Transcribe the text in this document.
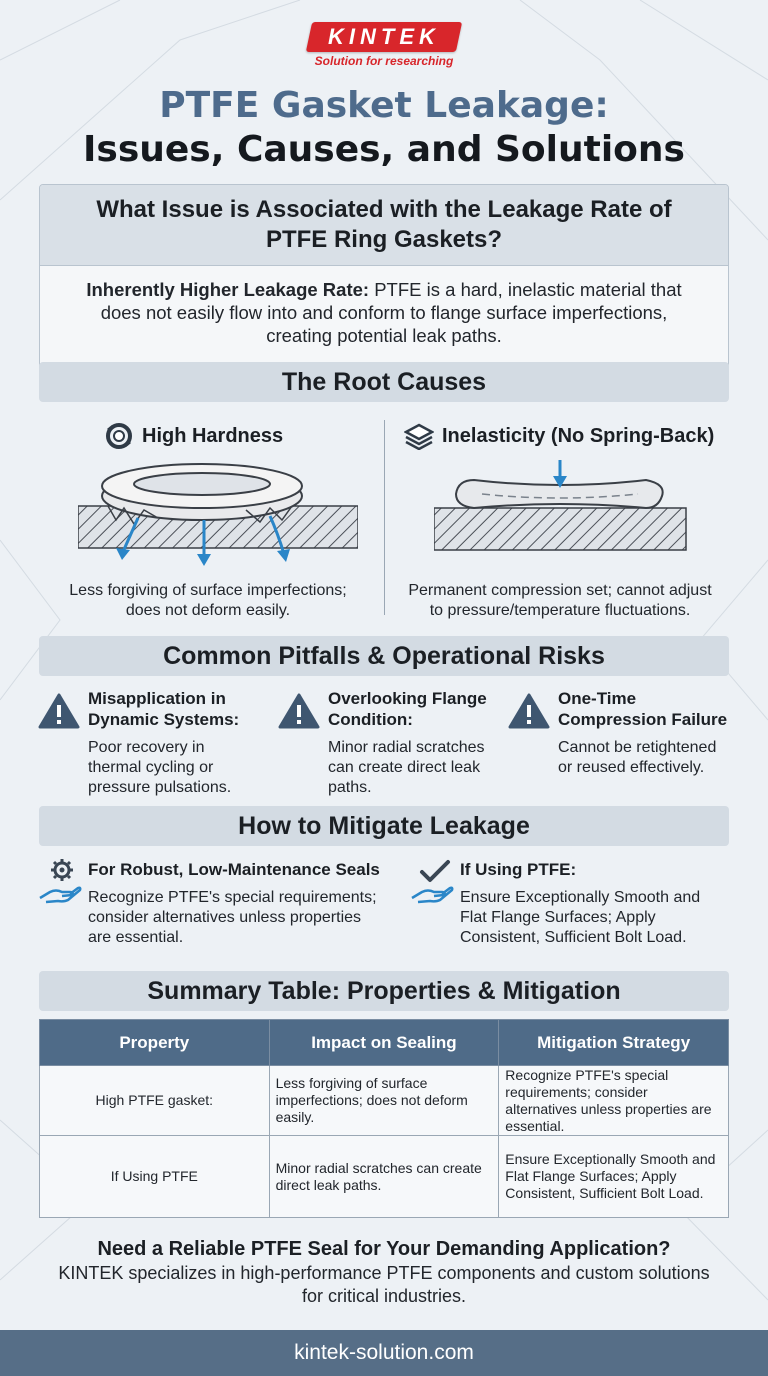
KINTEK
Solution for researching
PTFE Gasket Leakage:
Issues, Causes, and Solutions
What Issue is Associated with the Leakage Rate of PTFE Ring Gaskets?
Inherently Higher Leakage Rate: PTFE is a hard, inelastic material that does not easily flow into and conform to flange surface imperfections, creating potential leak paths.
The Root Causes
High Hardness	Inelasticity (No Spring-Back)
Less forgiving of surface imperfections; does not deform easily.
Permanent compression set; cannot adjust to pressure/temperature fluctuations.
Common Pitfalls & Operational Risks
Misapplication in Dynamic Systems:
Poor recovery in thermal cycling or pressure pulsations.
Overlooking Flange Condition:
Minor radial scratches can create direct leak paths.
One-Time Compression Failure
Cannot be retightened or reused effectively.
How to Mitigate Leakage
For Robust, Low-Maintenance Seals
Recognize PTFE's special requirements; consider alternatives unless properties are essential.
If Using PTFE:
Ensure Exceptionally Smooth and Flat Flange Surfaces; Apply Consistent, Sufficient Bolt Load.
Summary Table: Properties & Mitigation
Property	Impact on Sealing	Mitigation Strategy
High PTFE gasket:	Less forgiving of surface imperfections; does not deform easily.	Recognize PTFE's special requirements; consider alternatives unless properties are essential.
If Using PTFE	Minor radial scratches can create direct leak paths.	Ensure Exceptionally Smooth and Flat Flange Surfaces; Apply Consistent, Sufficient Bolt Load.
Need a Reliable PTFE Seal for Your Demanding Application?

KINTEK specializes in high-performance PTFE components and custom solutions for critical industries.

kintek-solution.com
